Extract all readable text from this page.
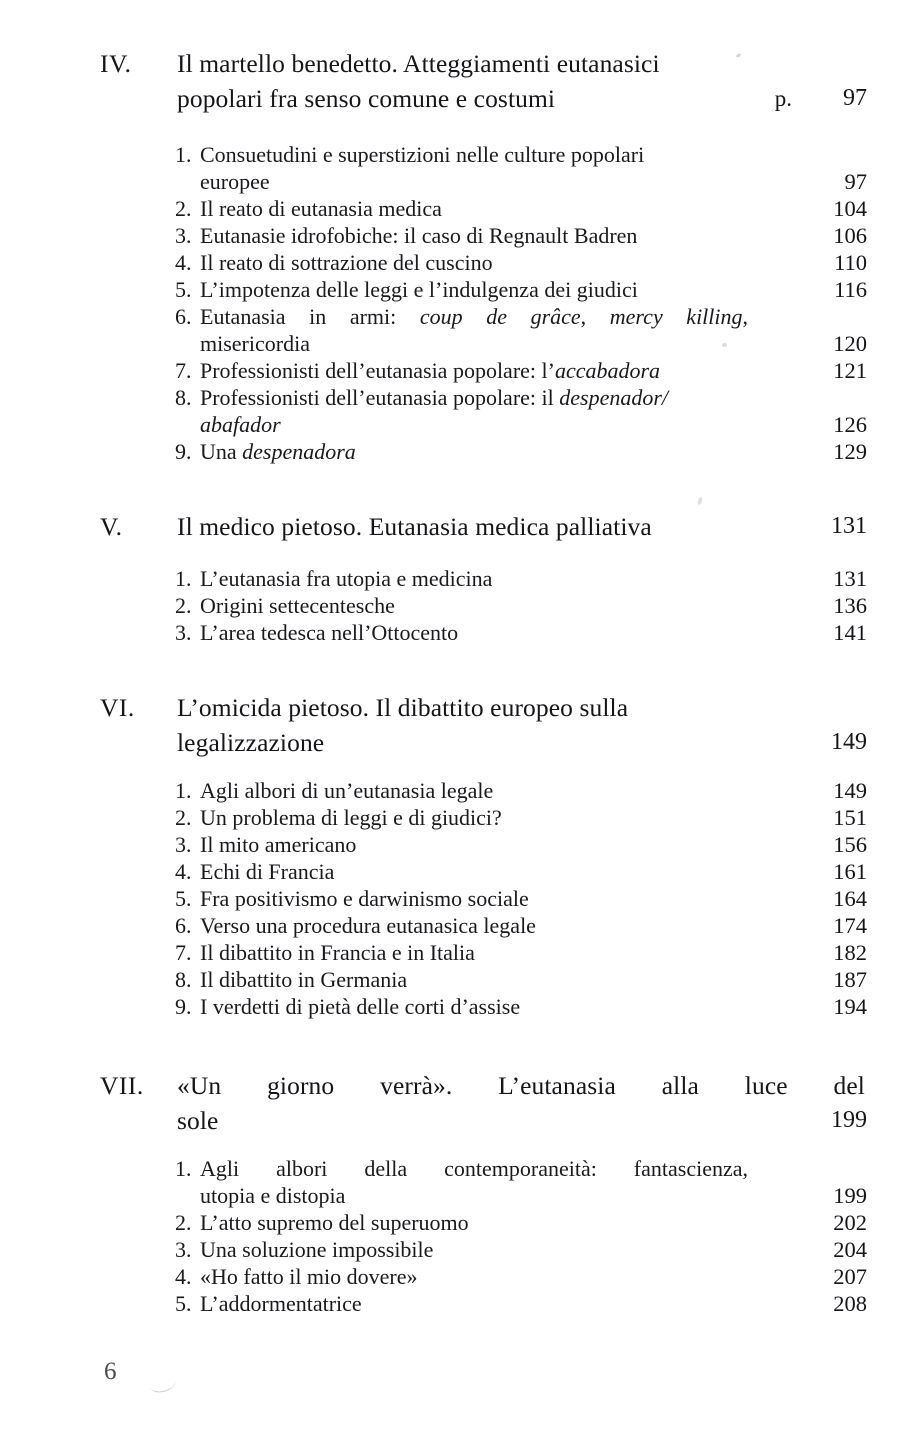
IV.	Il martello benedetto. Atteggiamenti eutanasici
popolari fra senso comune e costumi	p.	97
1. Consuetudini e superstizioni nelle culture popolari
europee	97
2. Il reato di eutanasia medica	104
3. Eutanasie idrofobiche: il caso di Regnault Badren	106
4. Il reato di sottrazione del cuscino	110
5. L’impotenza delle leggi e l’indulgenza dei giudici	116
6. Eutanasia in armi: coup de grâce, mercy killing,
misericordia	120
7. Professionisti dell’eutanasia popolare: l’accabadora	121
8. Professionisti dell’eutanasia popolare: il despenador/
abafador	126
9. Una despenadora	129
V.	Il medico pietoso. Eutanasia medica palliativa	131
1. L’eutanasia fra utopia e medicina	131
2. Origini settecentesche	136
3. L’area tedesca nell’Ottocento	141
VI.	L’omicida pietoso. Il dibattito europeo sulla
legalizzazione	149
1. Agli albori di un’eutanasia legale	149
2. Un problema di leggi e di giudici?	151
3. Il mito americano	156
4. Echi di Francia	161
5. Fra positivismo e darwinismo sociale	164
6. Verso una procedura eutanasica legale	174
7. Il dibattito in Francia e in Italia	182
8. Il dibattito in Germania	187
9. I verdetti di pietà delle corti d’assise	194
VII.	«Un giorno verrà». L’eutanasia alla luce del
sole	199
1. Agli albori della contemporaneità: fantascienza,
utopia e distopia	199
2. L’atto supremo del superuomo	202
3. Una soluzione impossibile	204
4. «Ho fatto il mio dovere»	207
5. L’addormentatrice	208
6
